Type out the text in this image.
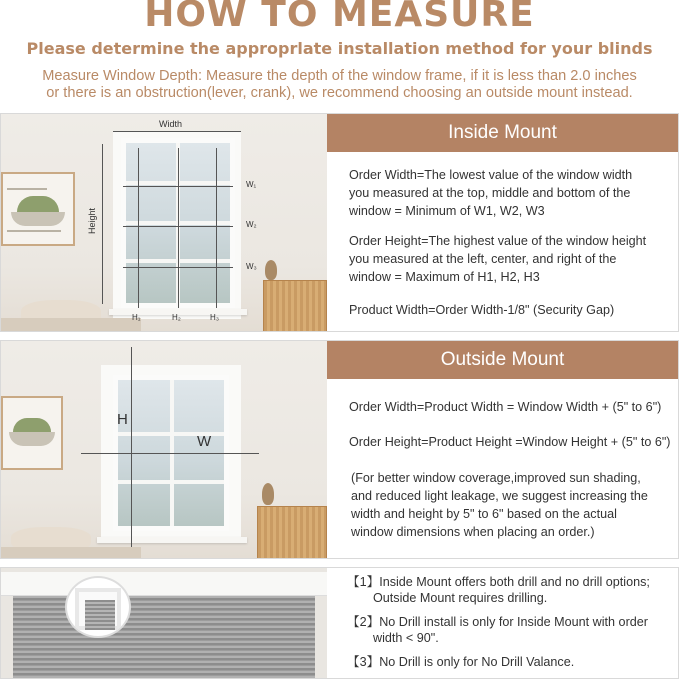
HOW TO MEASURE
Please determine the approprlate installation method for your blinds
Measure Window Depth: Measure the depth of the window frame, if it is less than 2.0 inches
or there is an obstruction(lever, crank), we recommend choosing an outside mount instead.
Width
Height
W₁
W₂
W₃
H₁	H₂	H₃
Inside Mount
Order Width=The lowest value of the window width
you measured at the top, middle and bottom of the
window = Minimum of W1, W2, W3
Order Height=The highest value of the window height
you measured at the left, center, and right of the
window = Maximum of H1, H2, H3
Product Width=Order Width-1/8" (Security Gap)
H
W
Outside Mount
Order Width=Product Width = Window Width + (5" to 6")
Order Height=Product Height =Window Height + (5" to 6")
(For better window coverage,improved sun shading,
and reduced light leakage, we suggest increasing the
width and height by 5" to 6" based on the actual
window dimensions when placing an order.)
【1】Inside Mount offers both drill and no drill options;
Outside Mount requires drilling.
【2】No Drill install is only for Inside Mount with order
width < 90".
【3】No Drill is only for No Drill Valance.
